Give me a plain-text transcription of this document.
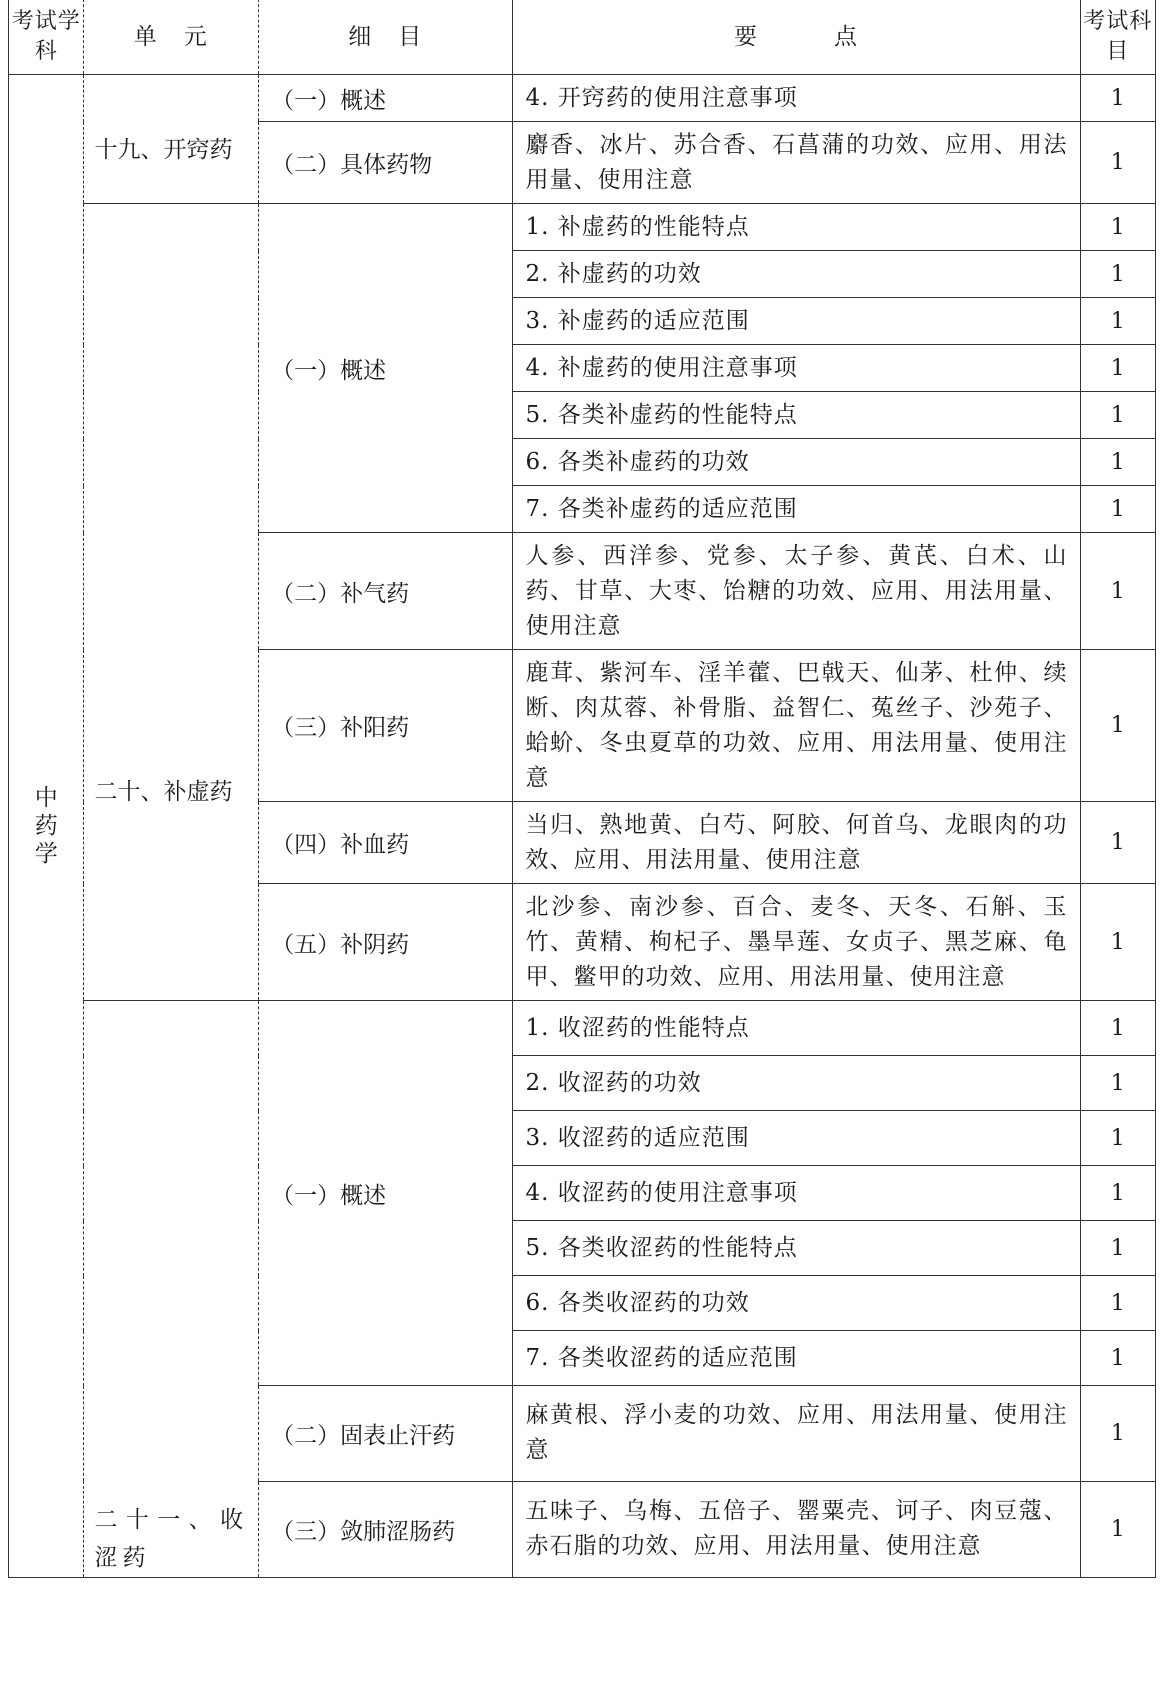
考试学科	单　元	细　目	要　　　点	考试科目
中药学	十九、开窍药	（一）概述	4. 开窍药的使用注意事项	1
		（二）具体药物	麝香、冰片、苏合香、石菖蒲的功效、应用、用法用量、使用注意	1

	二十、补虚药	（一）概述	1. 补虚药的性能特点	1
			2. 补虚药的功效	1
			3. 补虚药的适应范围	1
			4. 补虚药的使用注意事项	1
			5. 各类补虚药的性能特点	1
			6. 各类补虚药的功效	1
			7. 各类补虚药的适应范围	1
		（二）补气药	人参、西洋参、党参、太子参、黄芪、白术、山药、甘草、大枣、饴糖的功效、应用、用法用量、使用注意	1
		（三）补阳药	鹿茸、紫河车、淫羊藿、巴戟天、仙茅、杜仲、续断、肉苁蓉、补骨脂、益智仁、菟丝子、沙苑子、蛤蚧、冬虫夏草的功效、应用、用法用量、使用注意	1
		（四）补血药	当归、熟地黄、白芍、阿胶、何首乌、龙眼肉的功效、应用、用法用量、使用注意	1
		（五）补阴药	北沙参、南沙参、百合、麦冬、天冬、石斛、玉竹、黄精、枸杞子、墨旱莲、女贞子、黑芝麻、龟甲、鳖甲的功效、应用、用法用量、使用注意	1

	二十一、收涩药	（一）概述	1. 收涩药的性能特点	1
			2. 收涩药的功效	1
			3. 收涩药的适应范围	1
			4. 收涩药的使用注意事项	1
			5. 各类收涩药的性能特点	1
			6. 各类收涩药的功效	1
			7. 各类收涩药的适应范围	1
		（二）固表止汗药	麻黄根、浮小麦的功效、应用、用法用量、使用注意	1
		（三）敛肺涩肠药	五味子、乌梅、五倍子、罂粟壳、诃子、肉豆蔻、赤石脂的功效、应用、用法用量、使用注意	1
